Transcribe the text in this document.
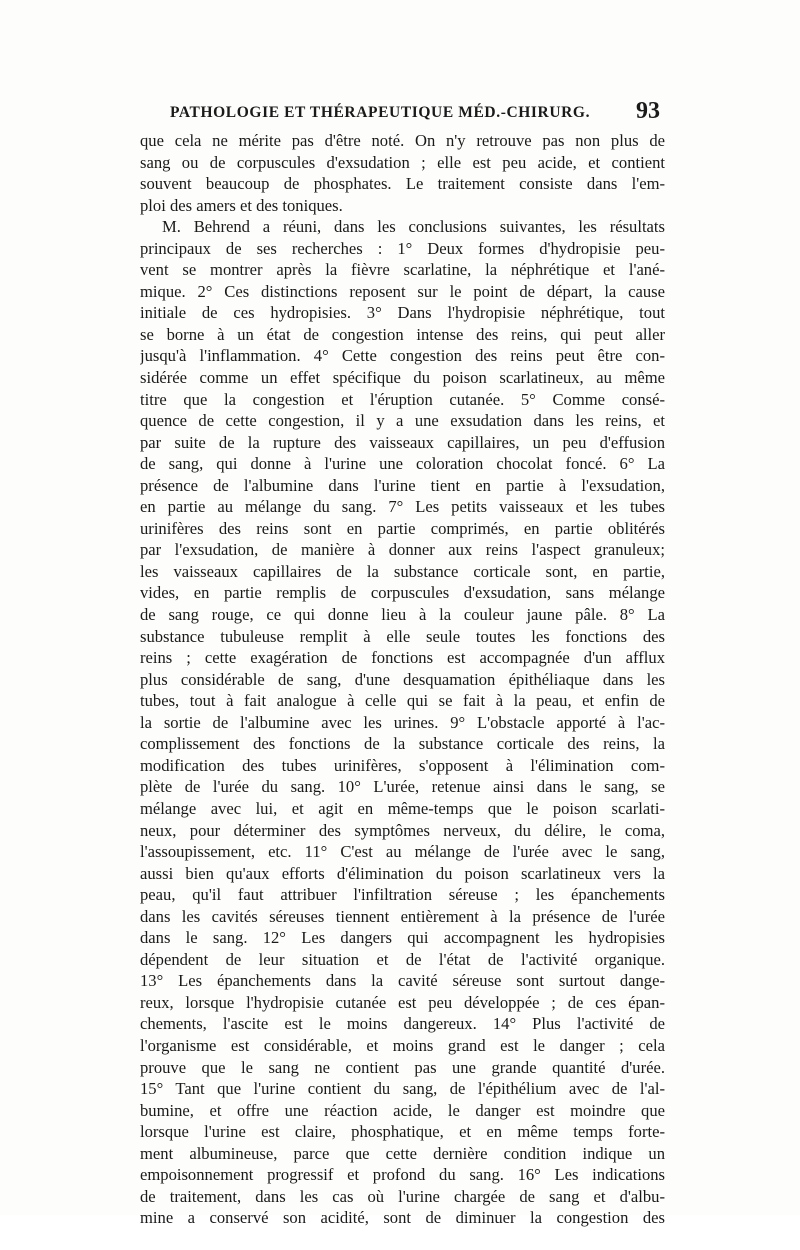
PATHOLOGIE ET THÉRAPEUTIQUE MÉD.-CHIRURG. 93
que cela ne mérite pas d'être noté. On n'y retrouve pas non plus de
sang ou de corpuscules d'exsudation ; elle est peu acide, et contient
souvent beaucoup de phosphates. Le traitement consiste dans l'em-
ploi des amers et des toniques.
M. Behrend a réuni, dans les conclusions suivantes, les résultats
principaux de ses recherches : 1° Deux formes d'hydropisie peu-
vent se montrer après la fièvre scarlatine, la néphrétique et l'ané-
mique. 2° Ces distinctions reposent sur le point de départ, la cause
initiale de ces hydropisies. 3° Dans l'hydropisie néphrétique, tout
se borne à un état de congestion intense des reins, qui peut aller
jusqu'à l'inflammation. 4° Cette congestion des reins peut être con-
sidérée comme un effet spécifique du poison scarlatineux, au même
titre que la congestion et l'éruption cutanée. 5° Comme consé-
quence de cette congestion, il y a une exsudation dans les reins, et
par suite de la rupture des vaisseaux capillaires, un peu d'effusion
de sang, qui donne à l'urine une coloration chocolat foncé. 6° La
présence de l'albumine dans l'urine tient en partie à l'exsudation,
en partie au mélange du sang. 7° Les petits vaisseaux et les tubes
urinifères des reins sont en partie comprimés, en partie oblitérés
par l'exsudation, de manière à donner aux reins l'aspect granuleux;
les vaisseaux capillaires de la substance corticale sont, en partie,
vides, en partie remplis de corpuscules d'exsudation, sans mélange
de sang rouge, ce qui donne lieu à la couleur jaune pâle. 8° La
substance tubuleuse remplit à elle seule toutes les fonctions des
reins ; cette exagération de fonctions est accompagnée d'un afflux
plus considérable de sang, d'une desquamation épithéliaque dans les
tubes, tout à fait analogue à celle qui se fait à la peau, et enfin de
la sortie de l'albumine avec les urines. 9° L'obstacle apporté à l'ac-
complissement des fonctions de la substance corticale des reins, la
modification des tubes urinifères, s'opposent à l'élimination com-
plète de l'urée du sang. 10° L'urée, retenue ainsi dans le sang, se
mélange avec lui, et agit en même-temps que le poison scarlati-
neux, pour déterminer des symptômes nerveux, du délire, le coma,
l'assoupissement, etc. 11° C'est au mélange de l'urée avec le sang,
aussi bien qu'aux efforts d'élimination du poison scarlatineux vers la
peau, qu'il faut attribuer l'infiltration séreuse ; les épanchements
dans les cavités séreuses tiennent entièrement à la présence de l'urée
dans le sang. 12° Les dangers qui accompagnent les hydropisies
dépendent de leur situation et de l'état de l'activité organique.
13° Les épanchements dans la cavité séreuse sont surtout dange-
reux, lorsque l'hydropisie cutanée est peu développée ; de ces épan-
chements, l'ascite est le moins dangereux. 14° Plus l'activité de
l'organisme est considérable, et moins grand est le danger ; cela
prouve que le sang ne contient pas une grande quantité d'urée.
15° Tant que l'urine contient du sang, de l'épithélium avec de l'al-
bumine, et offre une réaction acide, le danger est moindre que
lorsque l'urine est claire, phosphatique, et en même temps forte-
ment albumineuse, parce que cette dernière condition indique un
empoisonnement progressif et profond du sang. 16° Les indications
de traitement, dans les cas où l'urine chargée de sang et d'albu-
mine a conservé son acidité, sont de diminuer la congestion des
